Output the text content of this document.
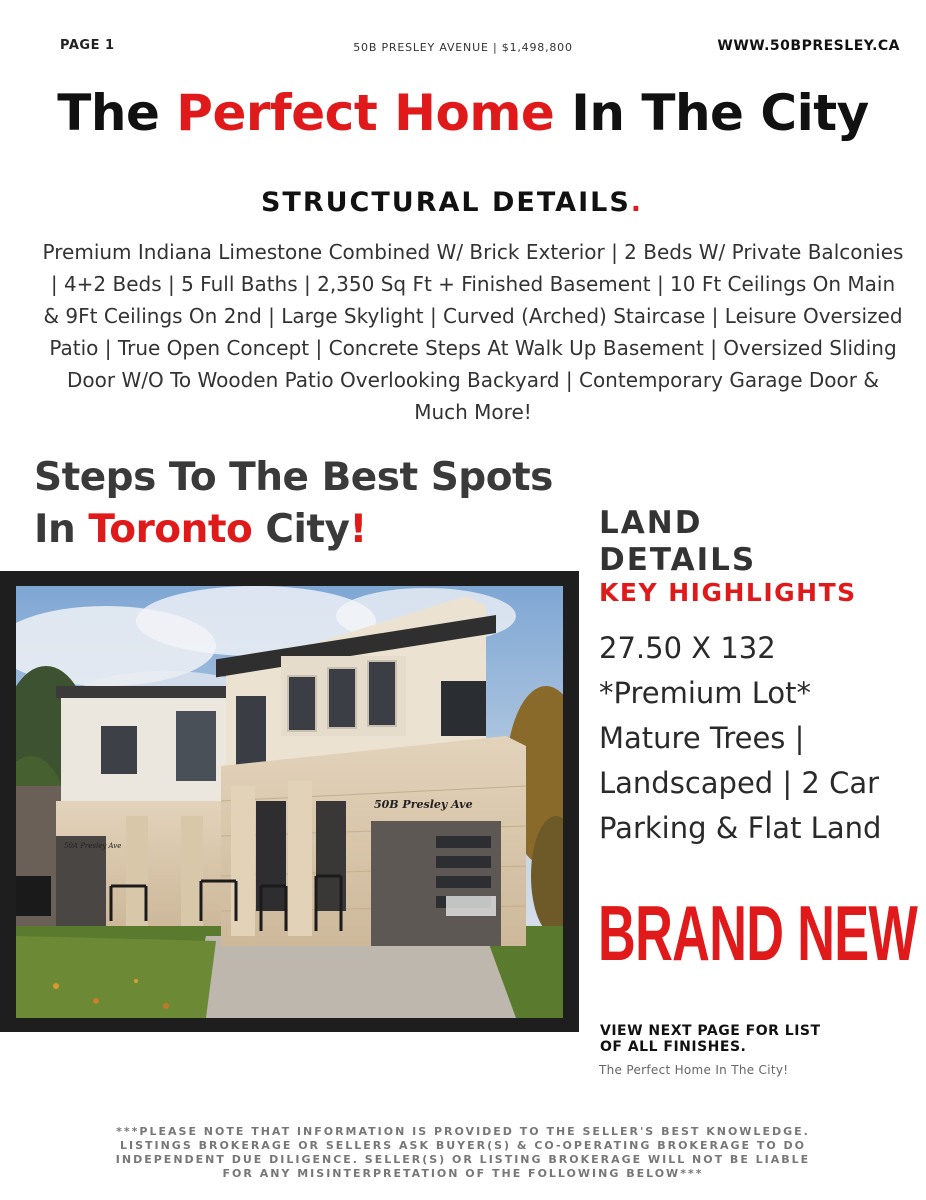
PAGE 1	50B PRESLEY AVENUE | $1,498,800	WWW.50BPRESLEY.CA
The Perfect Home In The City
STRUCTURAL DETAILS.
Premium Indiana Limestone Combined W/ Brick Exterior | 2 Beds W/ Private Balconies | 4+2 Beds | 5 Full Baths | 2,350 Sq Ft + Finished Basement | 10 Ft Ceilings On Main & 9Ft Ceilings On 2nd | Large Skylight | Curved (Arched) Staircase | Leisure Oversized Patio | True Open Concept | Concrete Steps At Walk Up Basement | Oversized Sliding Door W/O To Wooden Patio Overlooking Backyard | Contemporary Garage Door & Much More!
Steps To The Best Spots
In Toronto City!
50A Presley Ave
50B Presley Ave
LAND
DETAILS
KEY HIGHLIGHTS
27.50 X 132
*Premium Lot*
Mature Trees |
Landscaped | 2 Car
Parking & Flat Land
BRAND NEW
VIEW NEXT PAGE FOR LIST
OF ALL FINISHES.
The Perfect Home In The City!
***PLEASE NOTE THAT INFORMATION IS PROVIDED TO THE SELLER'S BEST KNOWLEDGE.
LISTINGS BROKERAGE OR SELLERS ASK BUYER(S) & CO-OPERATING BROKERAGE TO DO
INDEPENDENT DUE DILIGENCE. SELLER(S) OR LISTING BROKERAGE WILL NOT BE LIABLE
FOR ANY MISINTERPRETATION OF THE FOLLOWING BELOW***
